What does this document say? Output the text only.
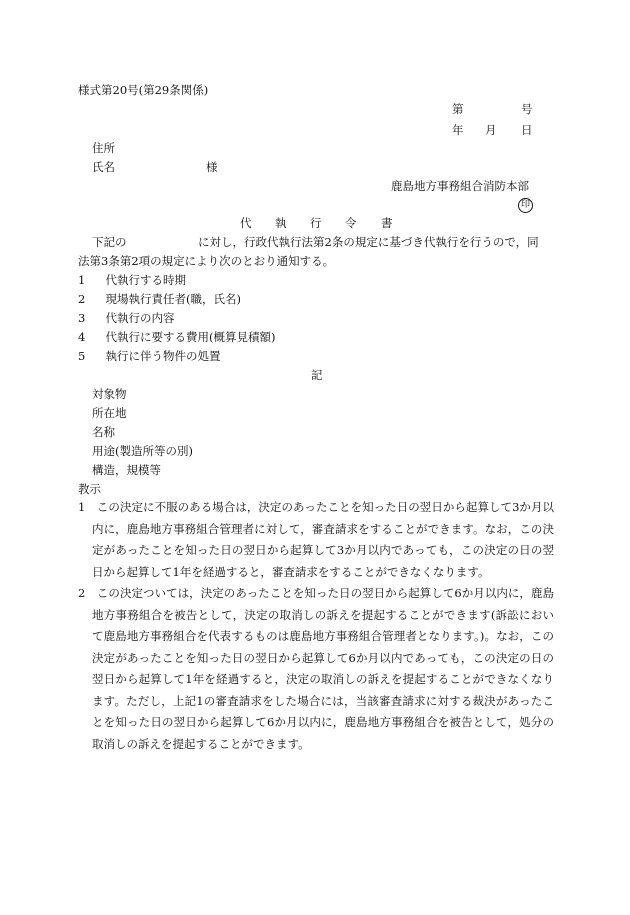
様式第20号(第29条関係)
第	号
年 月 日
住所
氏名	様
鹿島地方事務組合消防本部
印
代 執 行 令 書
下記の	に対し，行政代執行法第2条の規定に基づき代執行を行うので，同
法第3条第2項の規定により次のとおり通知する。
1　 代執行する時期
2　 現場執行責任者(職，氏名)
3　 代執行の内容
4　 代執行に要する費用(概算見積額)
5　 執行に伴う物件の処置
記
対象物
所在地
名称
用途(製造所等の別)
構造，規模等
教示
1　この決定に不服のある場合は，決定のあったことを知った日の翌日から起算して3か月以内に，鹿島地方事務組合管理者に対して，審査請求をすることができます。なお，この決定があったことを知った日の翌日から起算して3か月以内であっても，この決定の日の翌日から起算して1年を経過すると，審査請求をすることができなくなります。
2　この決定ついては，決定のあったことを知った日の翌日から起算して6か月以内に，鹿島地方事務組合を被告として，決定の取消しの訴えを提起することができます(訴訟において鹿島地方事務組合を代表するものは鹿島地方事務組合管理者となります。)。なお，この決定があったことを知った日の翌日から起算して6か月以内であっても，この決定の日の翌日から起算して1年を経過すると，決定の取消しの訴えを提起することができなくなります。ただし，上記1の審査請求をした場合には，当該審査請求に対する裁決があったことを知った日の翌日から起算して6か月以内に，鹿島地方事務組合を被告として，処分の取消しの訴えを提起することができます。
